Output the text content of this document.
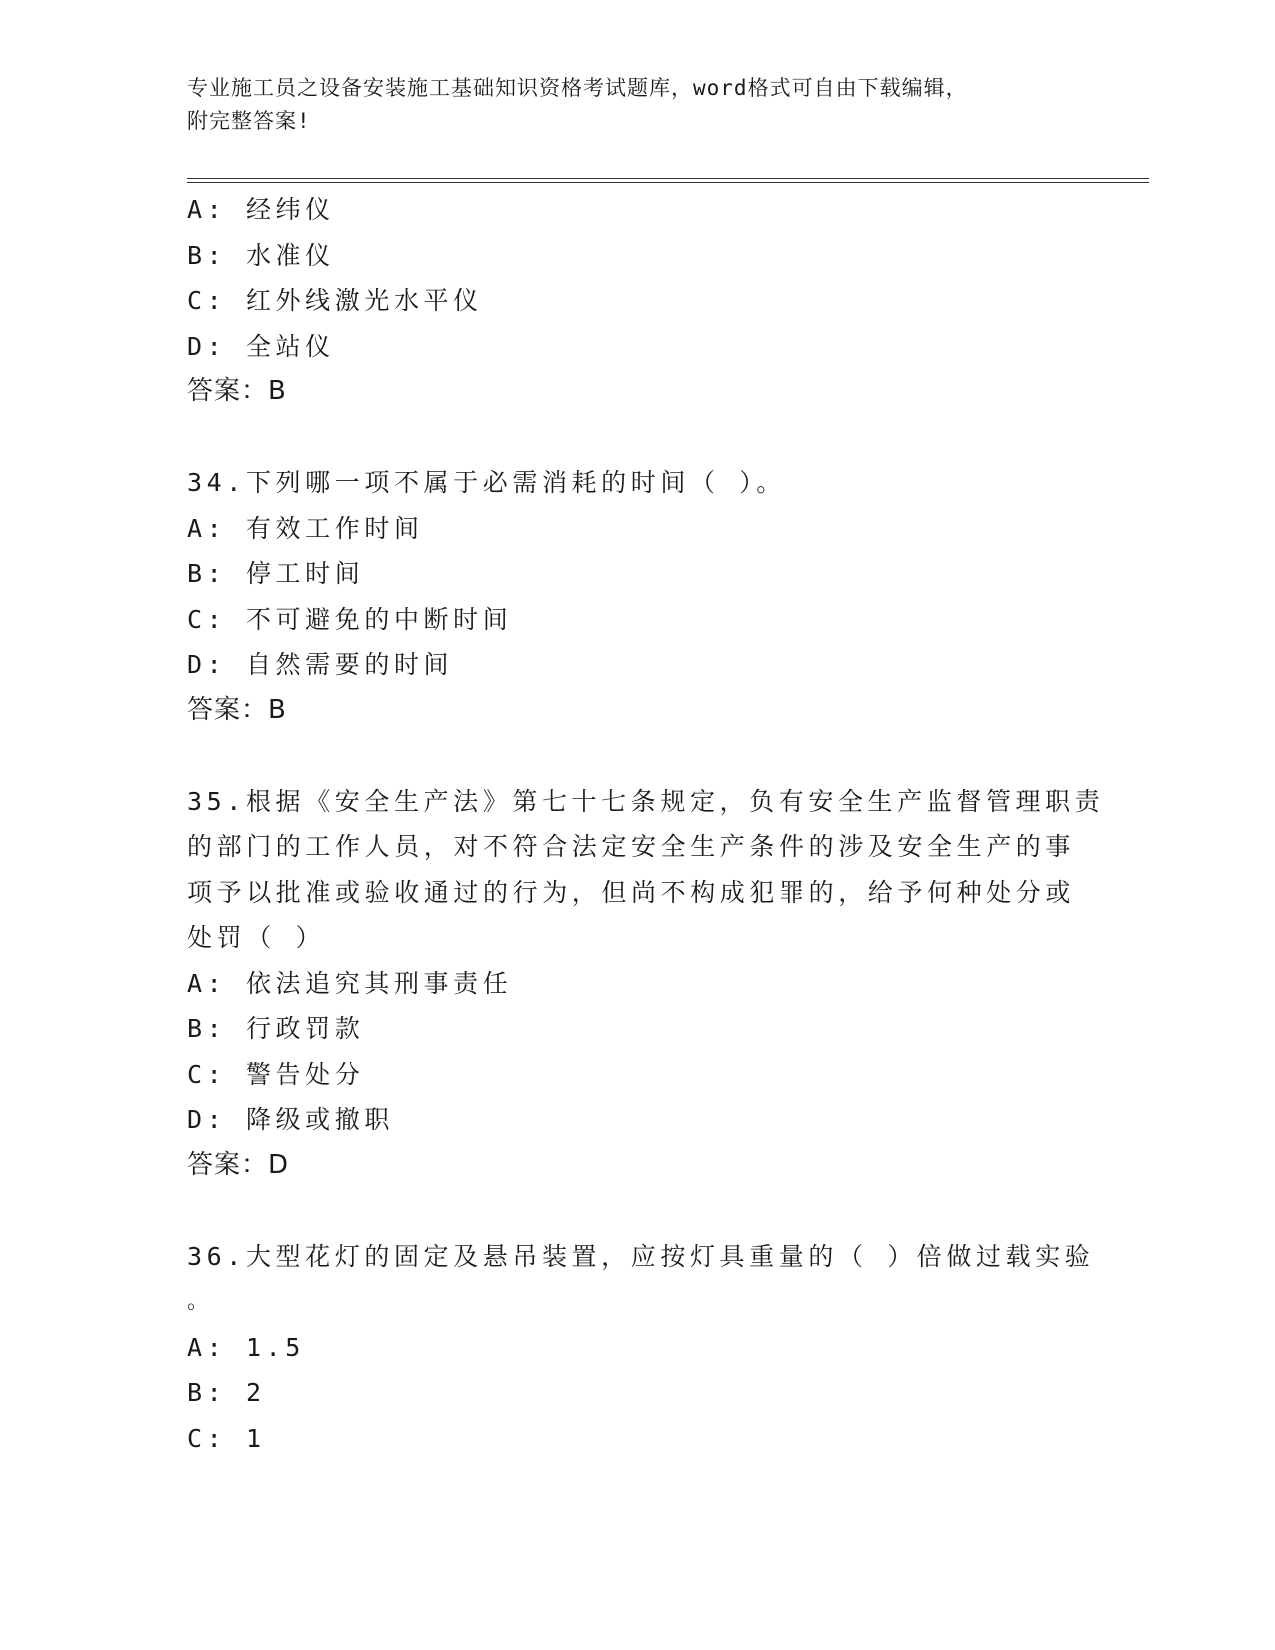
专业施工员之设备安装施工基础知识资格考试题库，word格式可自由下载编辑，
附完整答案!
A: 经纬仪
B: 水准仪
C: 红外线激光水平仪
D: 全站仪
答案：B
34.下列哪一项不属于必需消耗的时间（ ）。
A: 有效工作时间
B: 停工时间
C: 不可避免的中断时间
D: 自然需要的时间
答案：B
35.根据《安全生产法》第七十七条规定，负有安全生产监督管理职责
的部门的工作人员，对不符合法定安全生产条件的涉及安全生产的事
项予以批准或验收通过的行为，但尚不构成犯罪的，给予何种处分或
处罚（ ）
A: 依法追究其刑事责任
B: 行政罚款
C: 警告处分
D: 降级或撤职
答案：D
36.大型花灯的固定及悬吊装置，应按灯具重量的（ ）倍做过载实验
。
A: 1.5
B: 2
C: 1
